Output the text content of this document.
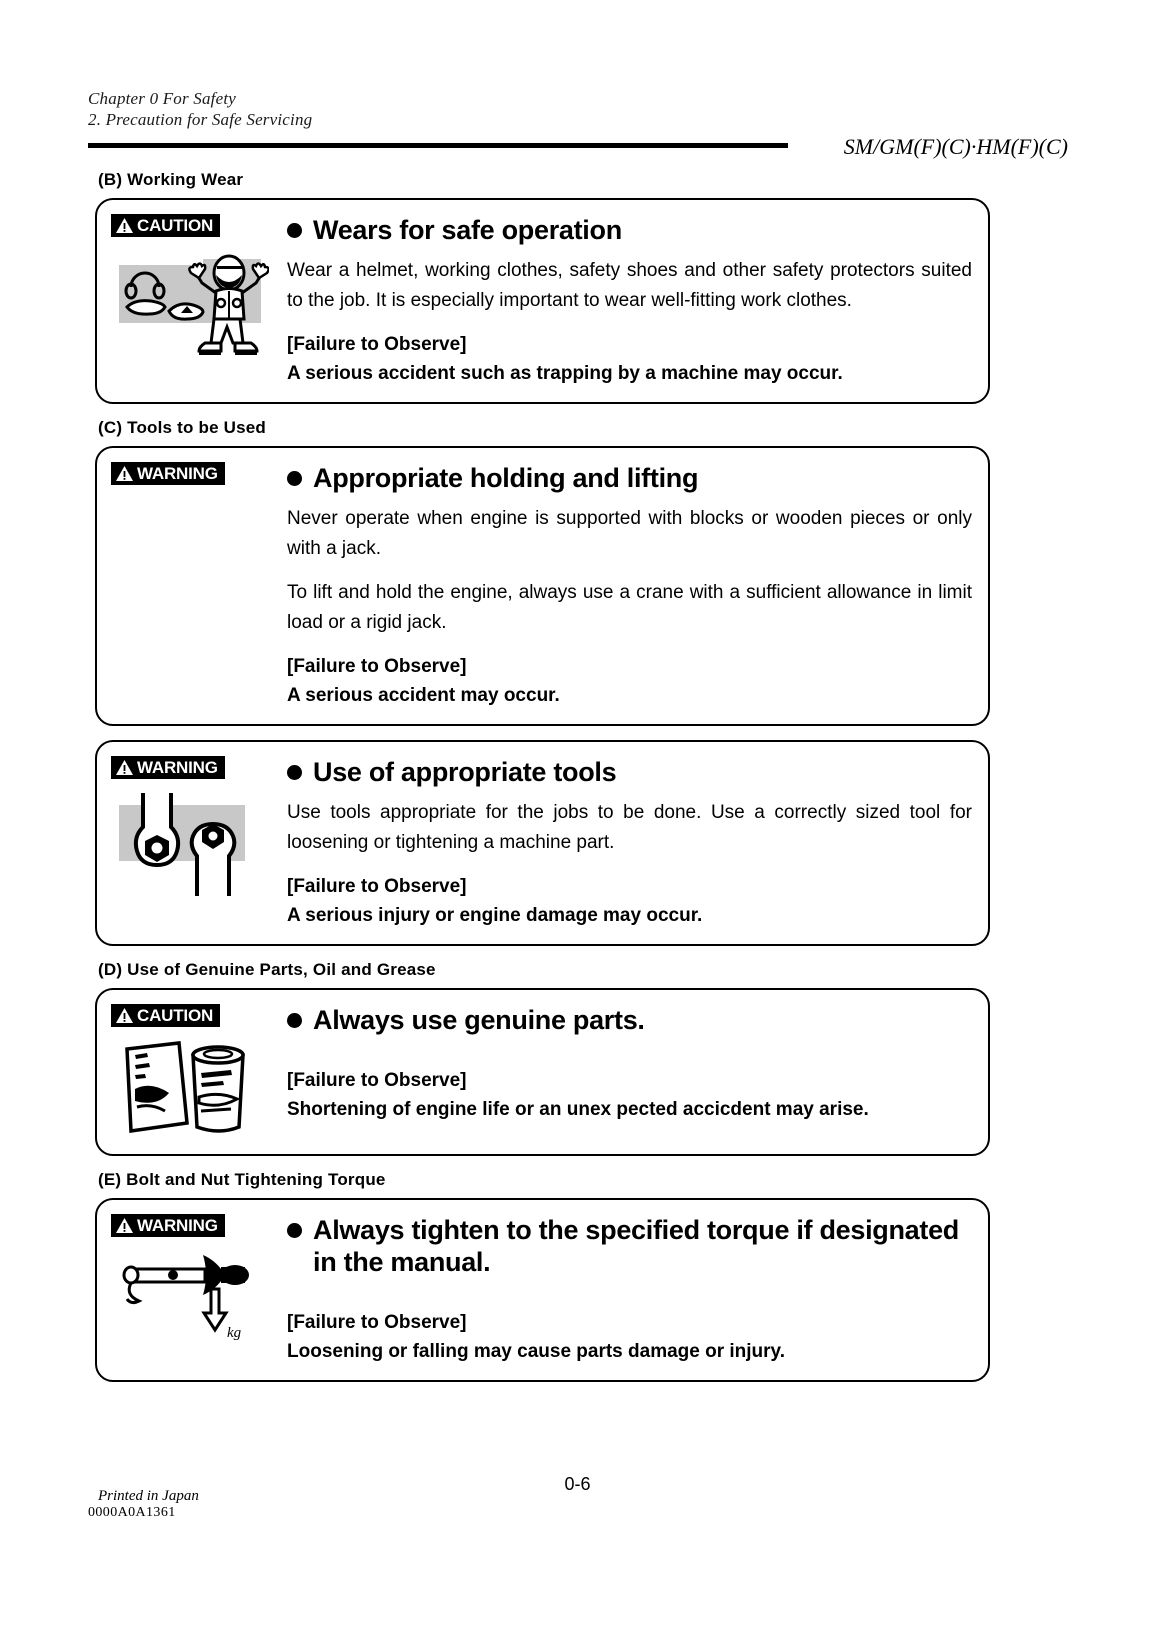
Chapter 0 For Safety
2. Precaution for Safe Servicing
SM/GM(F)(C)·HM(F)(C)
(B) Working Wear
CAUTION	Wears for safe operation

Wear a helmet, working clothes, safety shoes and other safety protectors suited to the job. It is especially important to wear well-fitting work clothes.

[Failure to Observe]

A serious accident such as trapping by a machine may occur.

(C) Tools to be Used
WARNING	Appropriate holding and lifting

Never operate when engine is supported with blocks or wooden pieces or only with a jack.

To lift and hold the engine, always use a crane with a sufficient allowance in limit load or a rigid jack.

[Failure to Observe]

A serious accident may occur.

WARNING	Use of appropriate tools

Use tools appropriate for the jobs to be done. Use a correctly sized tool for loosening or tightening a machine part.

[Failure to Observe]

A serious injury or engine damage may occur.

(D) Use of Genuine Parts, Oil and Grease
CAUTION	Always use genuine parts.

[Failure to Observe]

Shortening of engine life or an unex pected accicdent may arise.

(E) Bolt and Nut Tightening Torque
WARNING
kg
Always tighten to the specified torque if designated in the manual.

[Failure to Observe]

Loosening or falling may cause parts damage or injury.

0-6
Printed in Japan
0000A0A1361
